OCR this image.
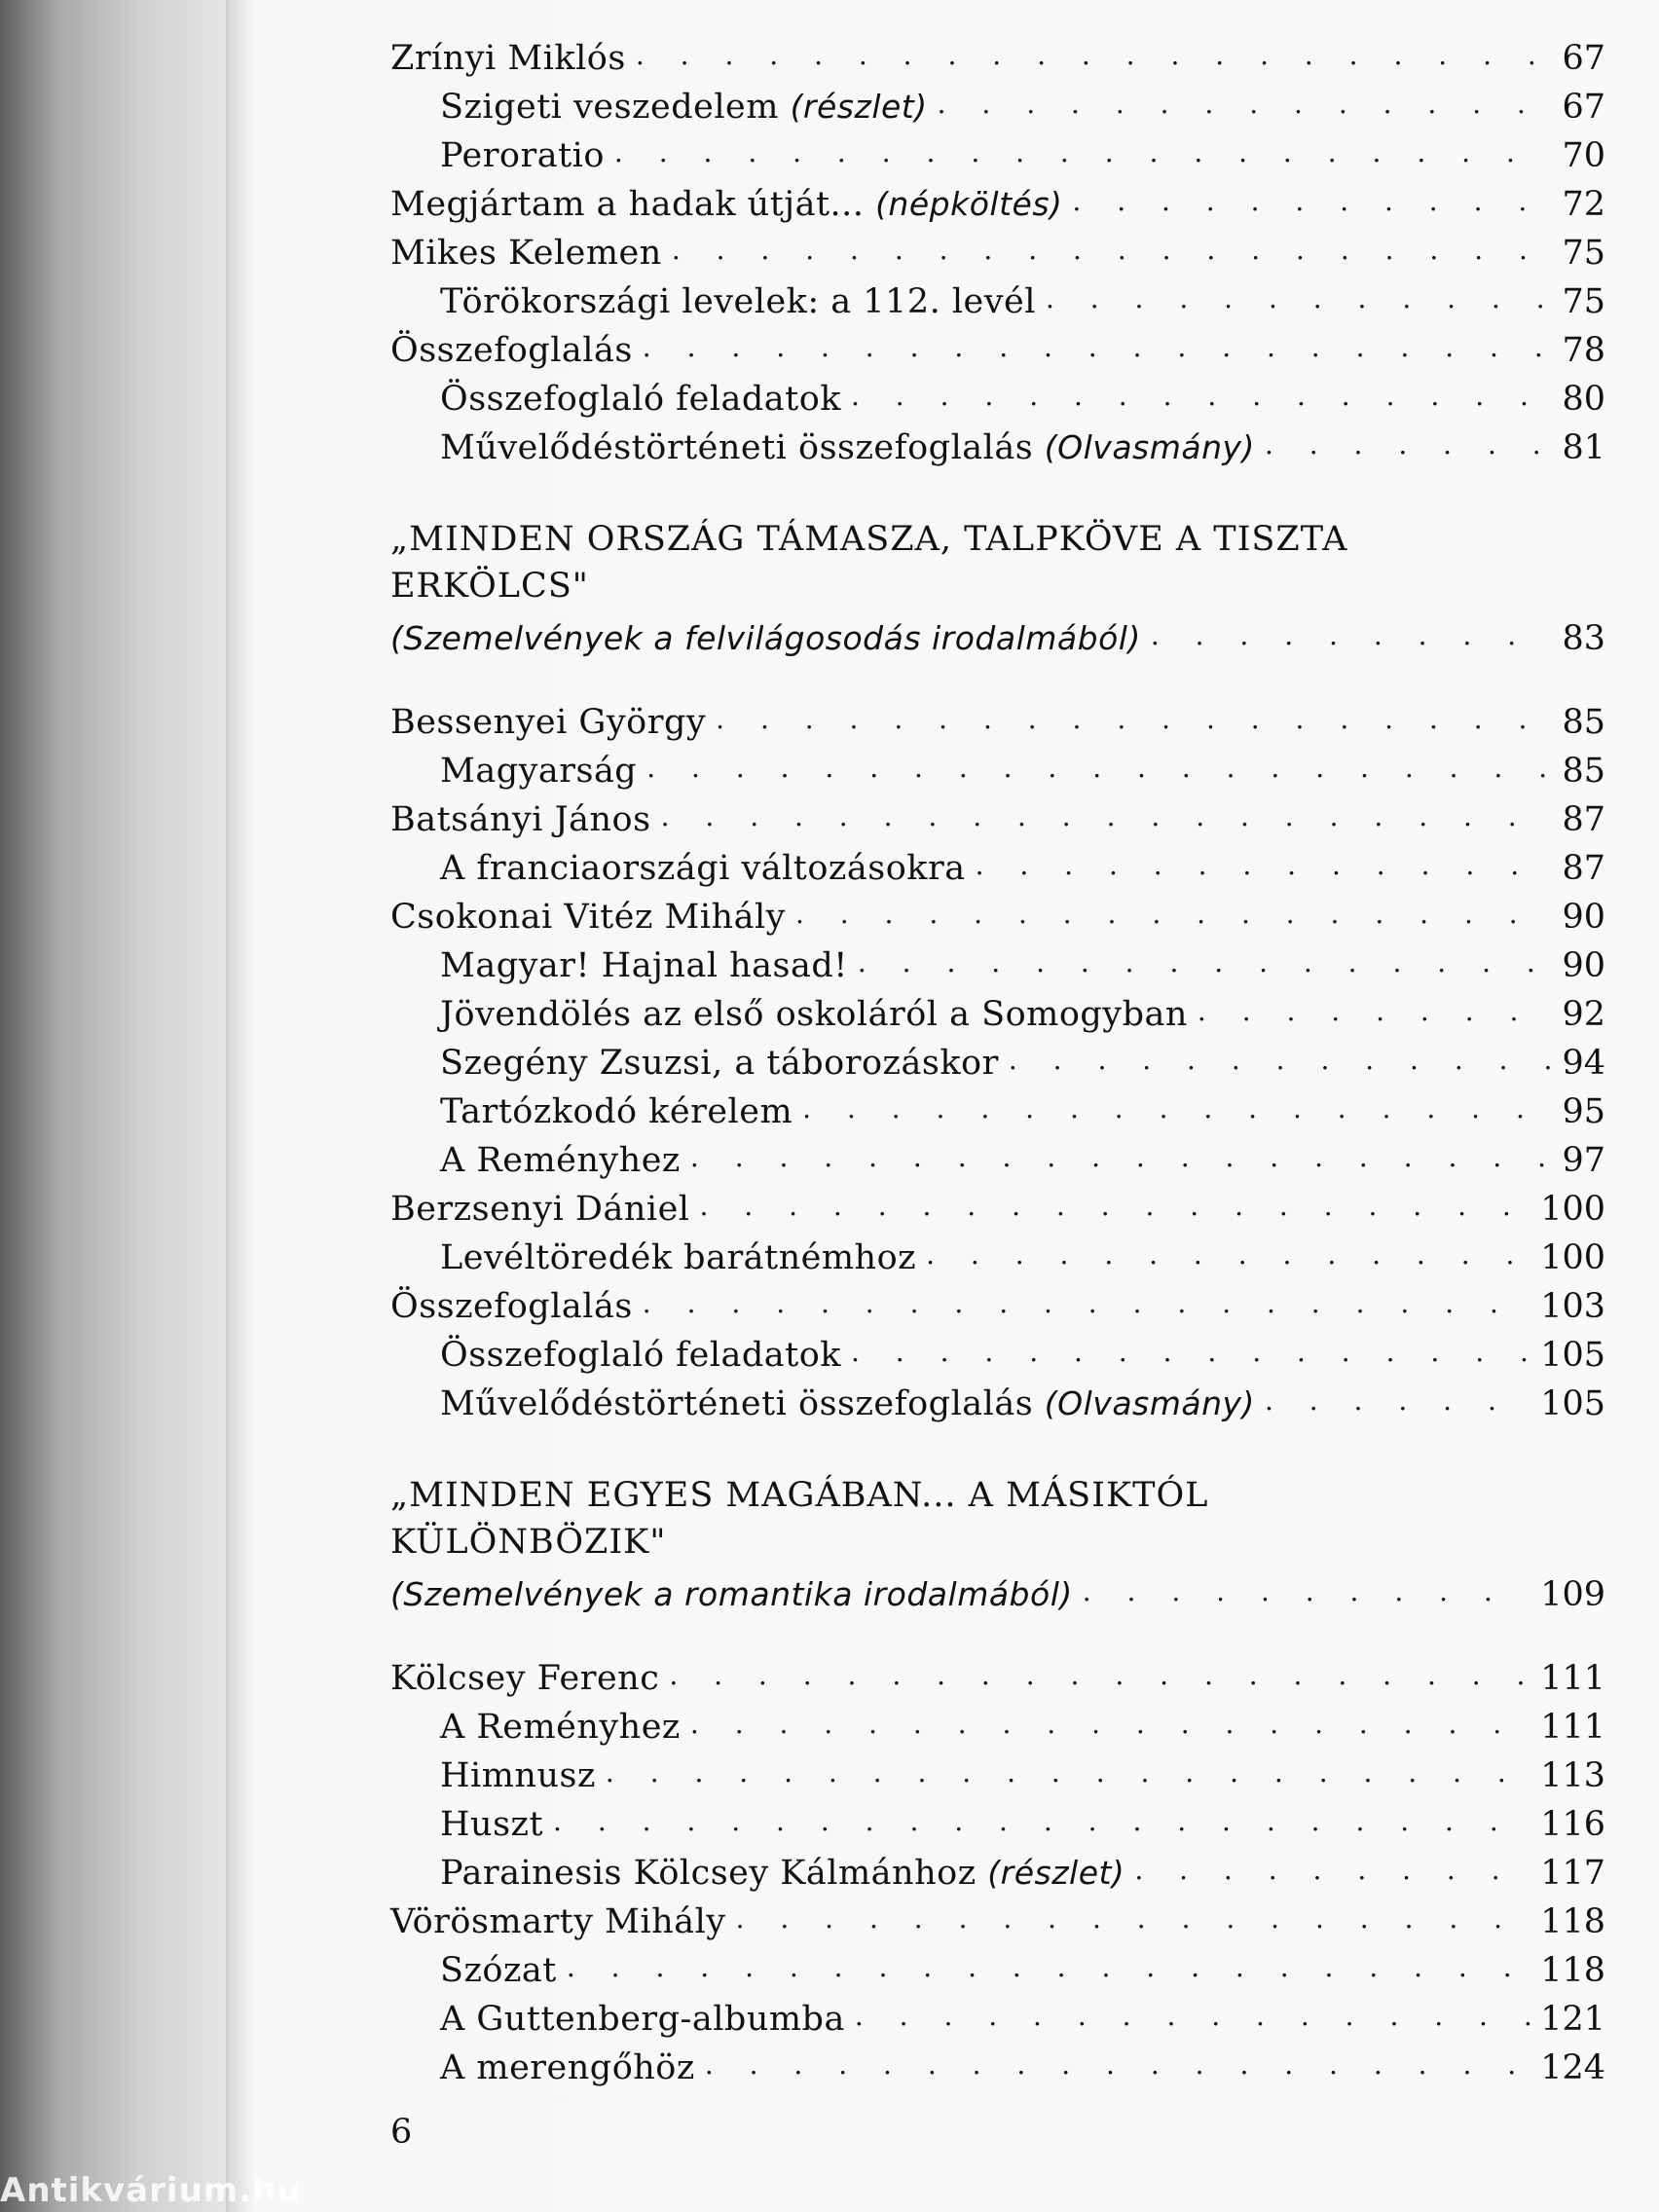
Zrínyi Miklós . . .	67
Szigeti veszedelem (részlet) . . .	67
Peroratio . . .	70
Megjártam a hadak útját... (népköltés) . . .	72
Mikes Kelemen . . .	75
Törökországi levelek: a 112. levél . . .	75
Összefoglalás . . .	78
Összefoglaló feladatok . . .	80
Művelődéstörténeti összefoglalás (Olvasmány) . . .	81
„MINDEN ORSZÁG TÁMASZA, TALPKÖVE A TISZTA
ERKÖLCS"
(Szemelvények a felvilágosodás irodalmából) . . .	83
Bessenyei György . . .	85
Magyarság . . .	85
Batsányi János . . .	87
A franciaországi változásokra . . .	87
Csokonai Vitéz Mihály . . .	90
Magyar! Hajnal hasad! . . .	90
Jövendölés az első oskoláról a Somogyban . . .	92
Szegény Zsuzsi, a táborozáskor . . .	94
Tartózkodó kérelem . . .	95
A Reményhez . . .	97
Berzsenyi Dániel . . .	100
Levéltöredék barátnémhoz . . .	100
Összefoglalás . . .	103
Összefoglaló feladatok . . .	105
Művelődéstörténeti összefoglalás (Olvasmány) . . .	105
„MINDEN EGYES MAGÁBAN... A MÁSIKTÓL
KÜLÖNBÖZIK"
(Szemelvények a romantika irodalmából) . . .	109
Kölcsey Ferenc . . .	111
A Reményhez . . .	111
Himnusz . . .	113
Huszt . . .	116
Parainesis Kölcsey Kálmánhoz (részlet) . . .	117
Vörösmarty Mihály . . .	118
Szózat . . .	118
A Guttenberg-albumba . . .	121
A merengőhöz . . .	124
6
Antikvárium.hu
